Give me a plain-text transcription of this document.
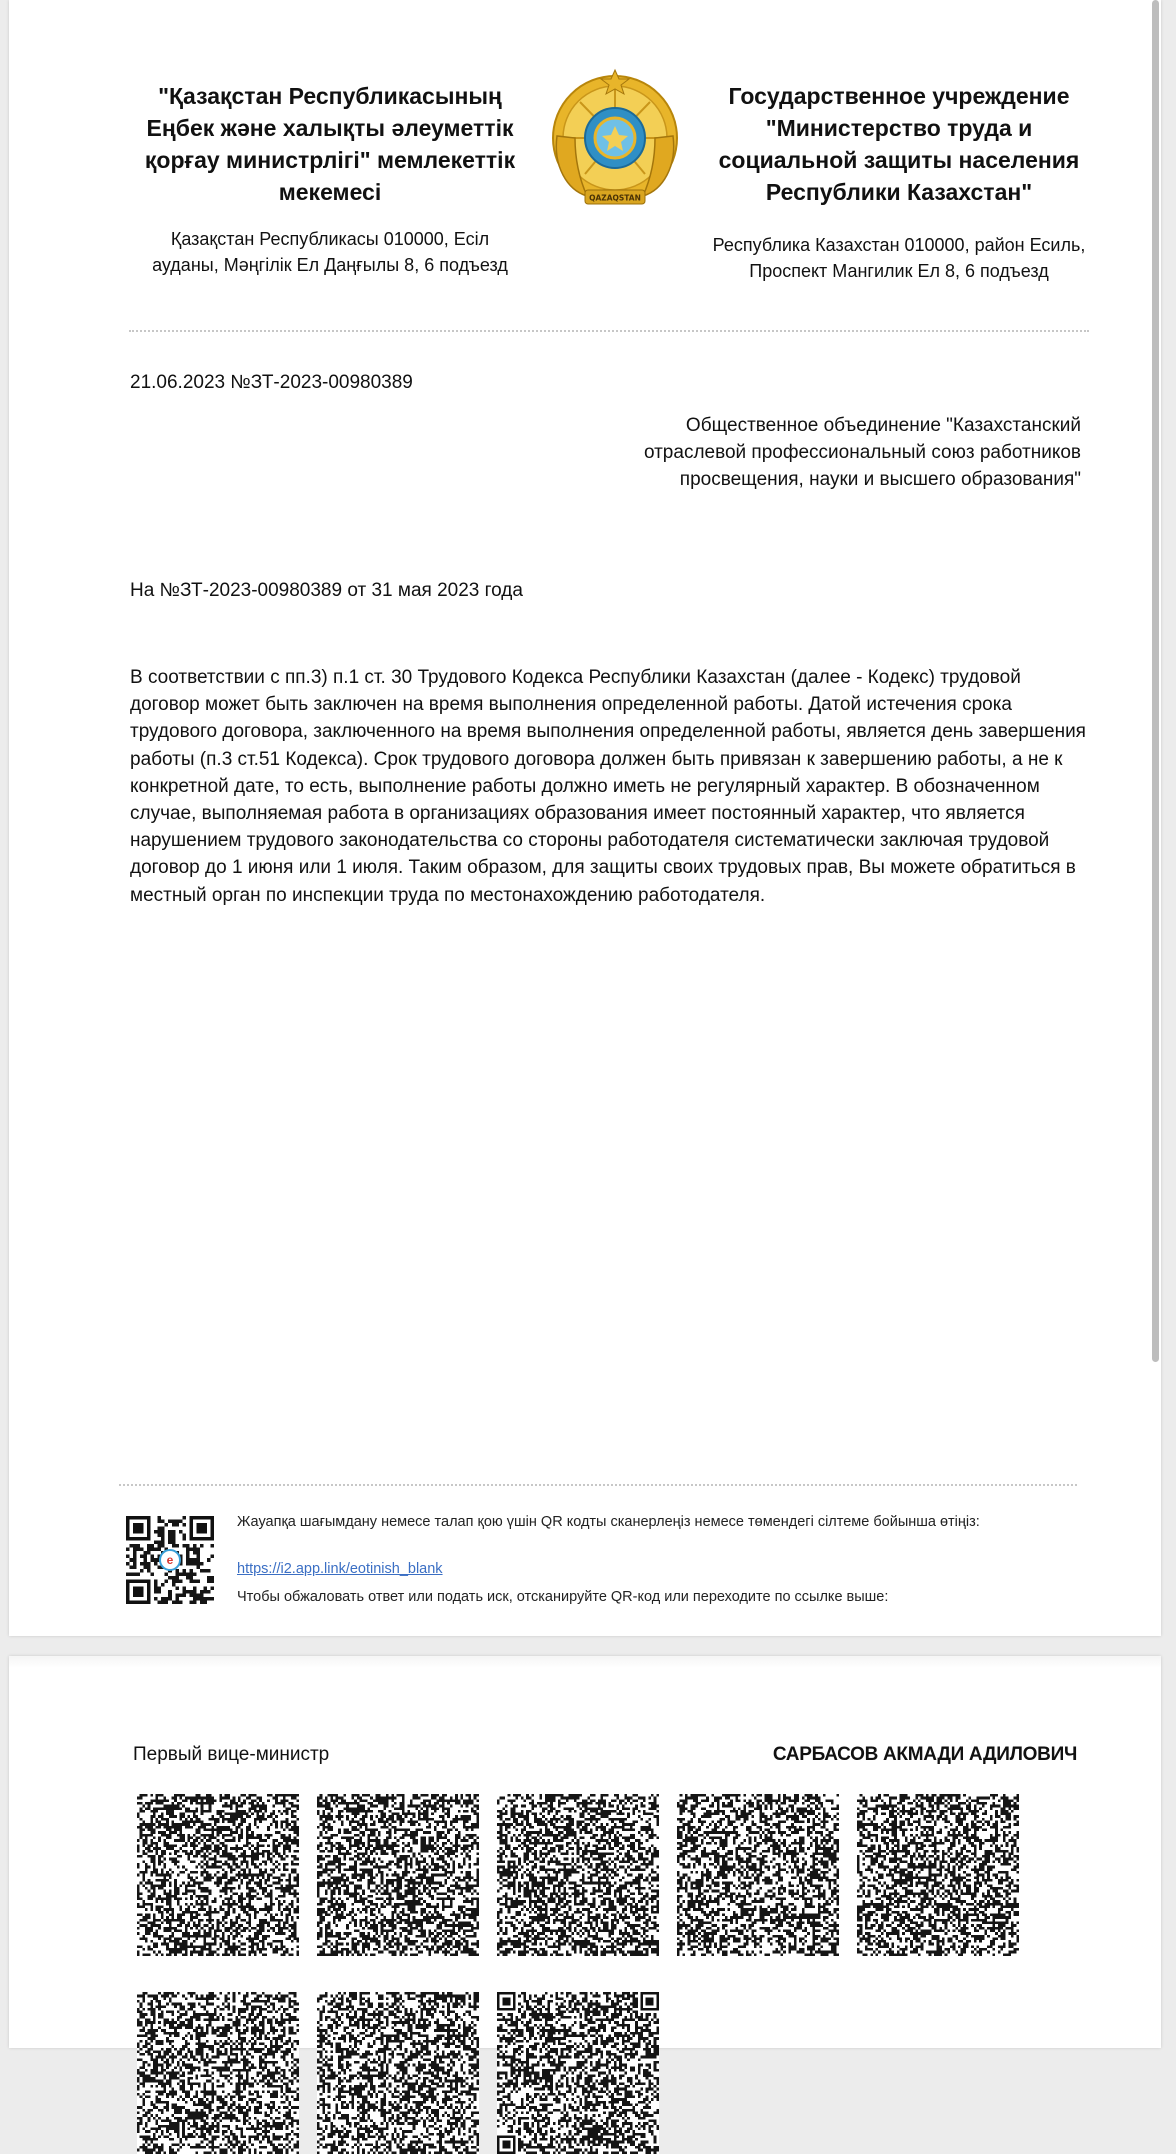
"Қазақстан Республикасының Еңбек және халықты әлеуметтік қорғау министрлігі" мемлекеттік мекемесі	QAZAQSTAN
Государственное учреждение "Министерство труда и социальной защиты населения Республики Казахстан"
Қазақстан Республикасы 010000, Есіл ауданы, Мәңгілік Ел Даңғылы 8, 6 подъезд
Республика Казахстан 010000, район Есиль, Проспект Мангилик Ел 8, 6 подъезд
21.06.2023 №ЗТ-2023-00980389
Общественное объединение "Казахстанский отраслевой профессиональный союз работников просвещения, науки и высшего образования"
На №ЗТ-2023-00980389 от 31 мая 2023 года
В соответствии с пп.3) п.1 ст. 30 Трудового Кодекса Республики Казахстан (далее - Кодекс) трудовой договор может быть заключен на время выполнения определенной работы. Датой истечения срока трудового договора, заключенного на время выполнения определенной работы, является день завершения работы (п.3 ст.51 Кодекса). Срок трудового договора должен быть привязан к завершению работы, а не к конкретной дате, то есть, выполнение работы должно иметь не регулярный характер. В обозначенном случае, выполняемая работа в организациях образования имеет постоянный характер, что является нарушением трудового законодательства со стороны работодателя систематически заключая трудовой договор до 1 июня или 1 июля. Таким образом, для защиты своих трудовых прав, Вы можете обратиться в местный орган по инспекции труда по местонахождению работодателя.
e
Жауапқа шағымдану немесе талап қою үшін QR кодты сканерлеңіз немесе төмендегі сілтеме бойынша өтіңіз:
https://i2.app.link/eotinish_blank
Чтобы обжаловать ответ или подать иск, отсканируйте QR-код или переходите по ссылке выше:
Первый вице-министр	САРБАСОВ АКМАДИ АДИЛОВИЧ
